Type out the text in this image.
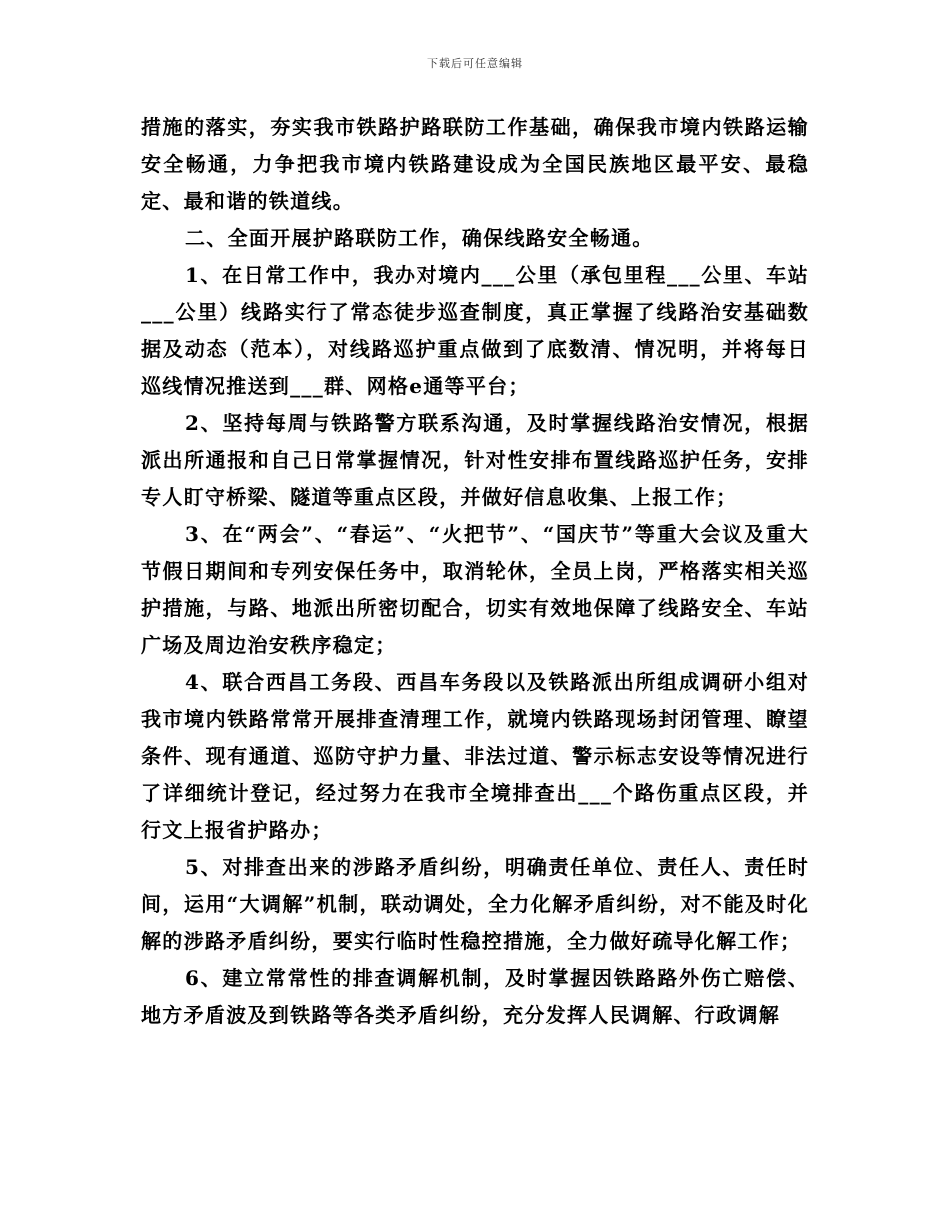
下载后可任意编辑

措施的落实，夯实我市铁路护路联防工作基础，确保我市境内铁路运输安全畅通，力争把我市境内铁路建设成为全国民族地区最平安、最稳定、最和谐的铁道线。

二、全面开展护路联防工作，确保线路安全畅通。

1、在日常工作中，我办对境内___公里（承包里程___公里、车站___公里）线路实行了常态徒步巡查制度，真正掌握了线路治安基础数据及动态（范本），对线路巡护重点做到了底数清、情况明，并将每日巡线情况推送到___群、网格e通等平台；

2、坚持每周与铁路警方联系沟通，及时掌握线路治安情况，根据派出所通报和自己日常掌握情况，针对性安排布置线路巡护任务，安排专人盯守桥梁、隧道等重点区段，并做好信息收集、上报工作；

3、在“两会”、“春运”、“火把节”、“国庆节”等重大会议及重大节假日期间和专列安保任务中，取消轮休，全员上岗，严格落实相关巡护措施，与路、地派出所密切配合，切实有效地保障了线路安全、车站广场及周边治安秩序稳定；

4、联合西昌工务段、西昌车务段以及铁路派出所组成调研小组对我市境内铁路常常开展排查清理工作，就境内铁路现场封闭管理、瞭望条件、现有通道、巡防守护力量、非法过道、警示标志安设等情况进行了详细统计登记，经过努力在我市全境排查出___个路伤重点区段，并行文上报省护路办；

5、对排查出来的涉路矛盾纠纷，明确责任单位、责任人、责任时间，运用“大调解”机制，联动调处，全力化解矛盾纠纷，对不能及时化解的涉路矛盾纠纷，要实行临时性稳控措施，全力做好疏导化解工作；

6、建立常常性的排查调解机制，及时掌握因铁路路外伤亡赔偿、地方矛盾波及到铁路等各类矛盾纠纷，充分发挥人民调解、行政调解
